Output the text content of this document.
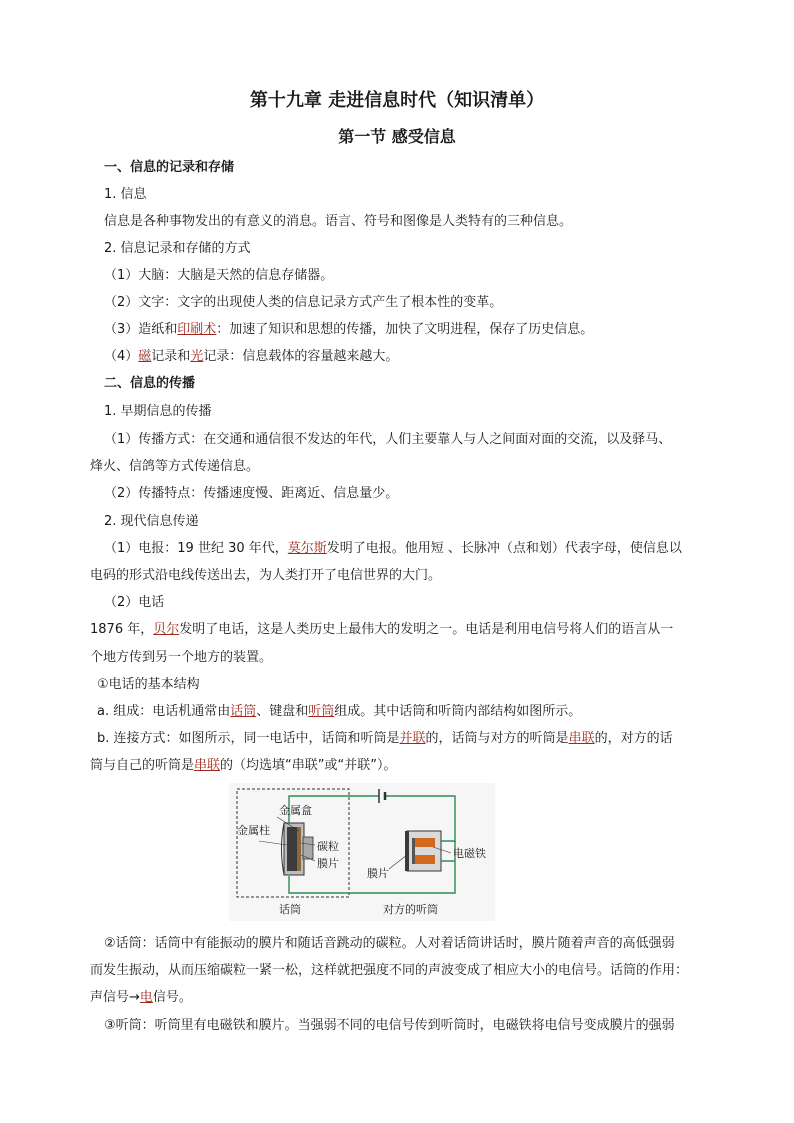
第十九章 走进信息时代（知识清单）
第一节 感受信息
一、信息的记录和存储
1. 信息
信息是各种事物发出的有意义的消息。语言、符号和图像是人类特有的三种信息。
2. 信息记录和存储的方式
（1）大脑：大脑是天然的信息存储器。
（2）文字：文字的出现使人类的信息记录方式产生了根本性的变革。
（3）造纸和印刷术：加速了知识和思想的传播，加快了文明进程，保存了历史信息。
（4）磁记录和光记录：信息载体的容量越来越大。
二、信息的传播
1. 早期信息的传播
（1）传播方式：在交通和通信很不发达的年代，人们主要靠人与人之间面对面的交流，以及驿马、
烽火、信鸽等方式传递信息。
（2）传播特点：传播速度慢、距离近、信息量少。
2. 现代信息传递
（1）电报：19 世纪 30 年代，莫尔斯发明了电报。他用短 、长脉冲（点和划）代表字母，使信息以
电码的形式沿电线传送出去，为人类打开了电信世界的大门。
（2）电话
1876 年，贝尔发明了电话，这是人类历史上最伟大的发明之一。电话是利用电信号将人们的语言从一
个地方传到另一个地方的装置。
①电话的基本结构
a. 组成：电话机通常由话筒、键盘和听筒组成。其中话筒和听筒内部结构如图所示。
b. 连接方式：如图所示，同一电话中，话筒和听筒是并联的，话筒与对方的听筒是串联的，对方的话
筒与自己的听筒是串联的（均选填“串联”或“并联”）。
金属盒
金属柱
碳粒
膜片
膜片
电磁铁
话筒	对方的听筒
②话筒：话筒中有能振动的膜片和随话音跳动的碳粒。人对着话筒讲话时，膜片随着声音的高低强弱
而发生振动，从而压缩碳粒一紧一松，这样就把强度不同的声波变成了相应大小的电信号。话筒的作用：
声信号→电信号。
③听筒：听筒里有电磁铁和膜片。当强弱不同的电信号传到听筒时，电磁铁将电信号变成膜片的强弱
